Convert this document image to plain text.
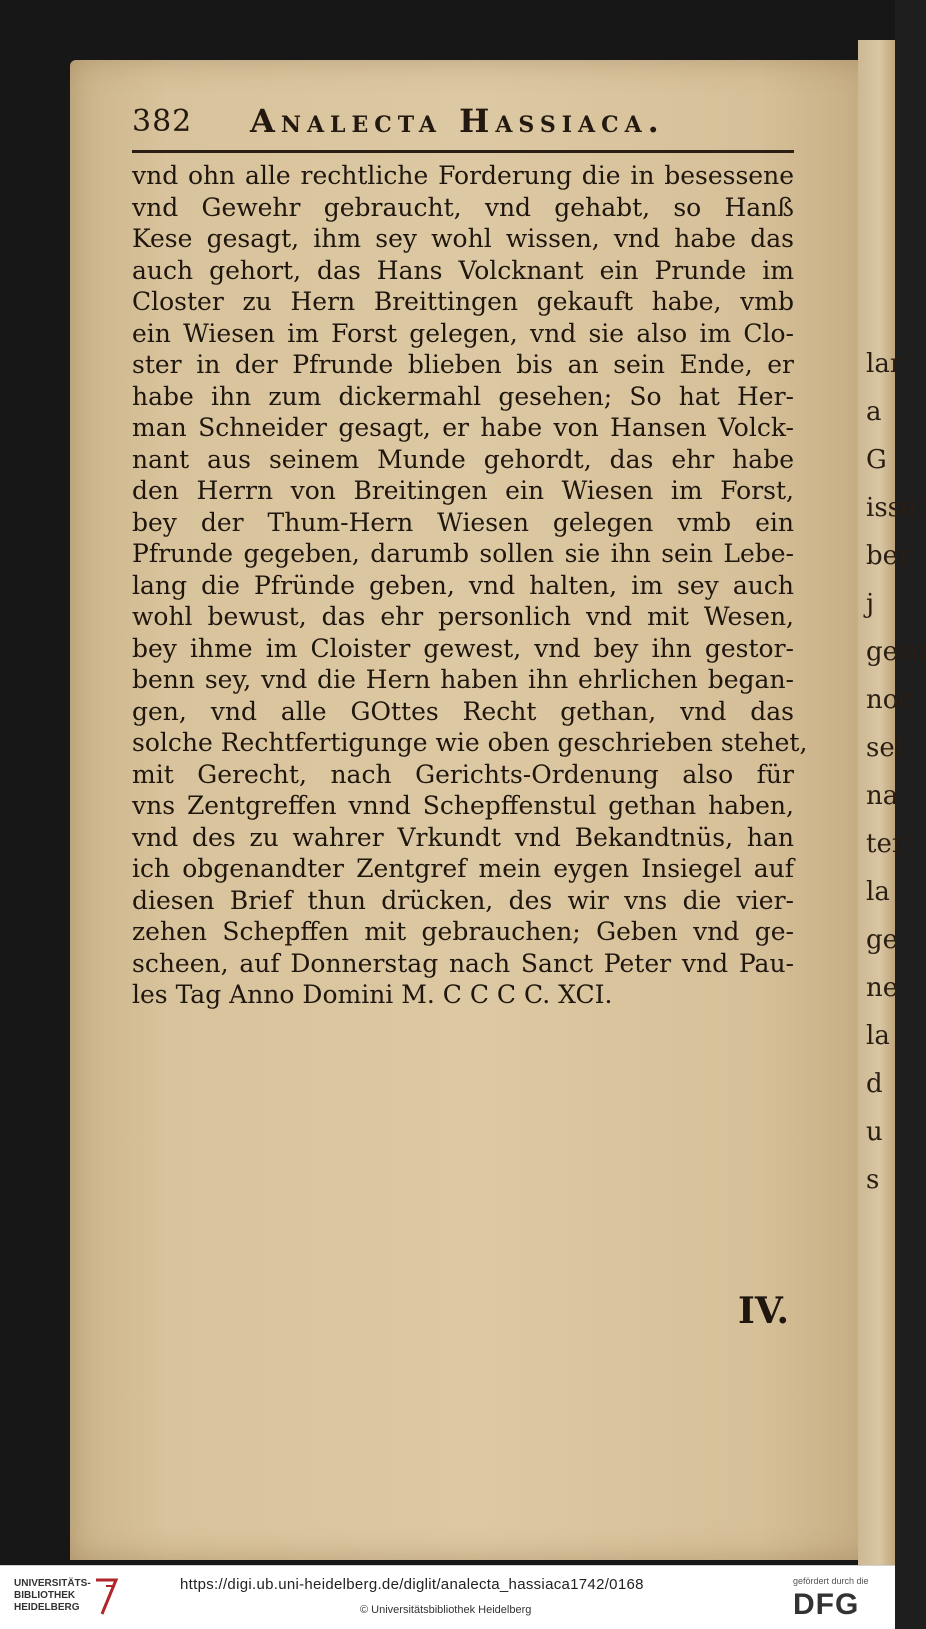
lar
a
G
isse
ber
j
gesc
noc
sel
na
ter
la
ge
ne
la
d
u
s
382 Analecta Hassiaca.
vnd ohn alle rechtliche Forderung die in besessene
vnd Gewehr gebraucht, vnd gehabt, so Hanß
Kese gesagt, ihm sey wohl wissen, vnd habe das
auch gehort, das Hans Volcknant ein Prunde im
Closter zu Hern Breittingen gekauft habe, vmb
ein Wiesen im Forst gelegen, vnd sie also im Clo-
ster in der Pfrunde blieben bis an sein Ende, er
habe ihn zum dickermahl gesehen; So hat Her-
man Schneider gesagt, er habe von Hansen Volck-
nant aus seinem Munde gehordt, das ehr habe
den Herrn von Breitingen ein Wiesen im Forst,
bey der Thum-Hern Wiesen gelegen vmb ein
Pfrunde gegeben, darumb sollen sie ihn sein Lebe-
lang die Pfründe geben, vnd halten, im sey auch
wohl bewust, das ehr personlich vnd mit Wesen,
bey ihme im Cloister gewest, vnd bey ihn gestor-
benn sey, vnd die Hern haben ihn ehrlichen began-
gen, vnd alle GOttes Recht gethan, vnd das
solche Rechtfertigunge wie oben geschrieben stehet,
mit Gerecht, nach Gerichts-Ordenung also für
vns Zentgreffen vnnd Schepffenstul gethan haben,
vnd des zu wahrer Vrkundt vnd Bekandtnüs, han
ich obgenandter Zentgref mein eygen Insiegel auf
diesen Brief thun drücken, des wir vns die vier-
zehen Schepffen mit gebrauchen; Geben vnd ge-
scheen, auf Donnerstag nach Sanct Peter vnd Pau-
les Tag Anno Domini M. C C C C. XCI.
IV.
UNIVERSITÄTS-
BIBLIOTHEK
HEIDELBERG
https://digi.ub.uni-heidelberg.de/diglit/analecta_hassiaca1742/0168
© Universitätsbibliothek Heidelberg
gefördert durch die
DFG
